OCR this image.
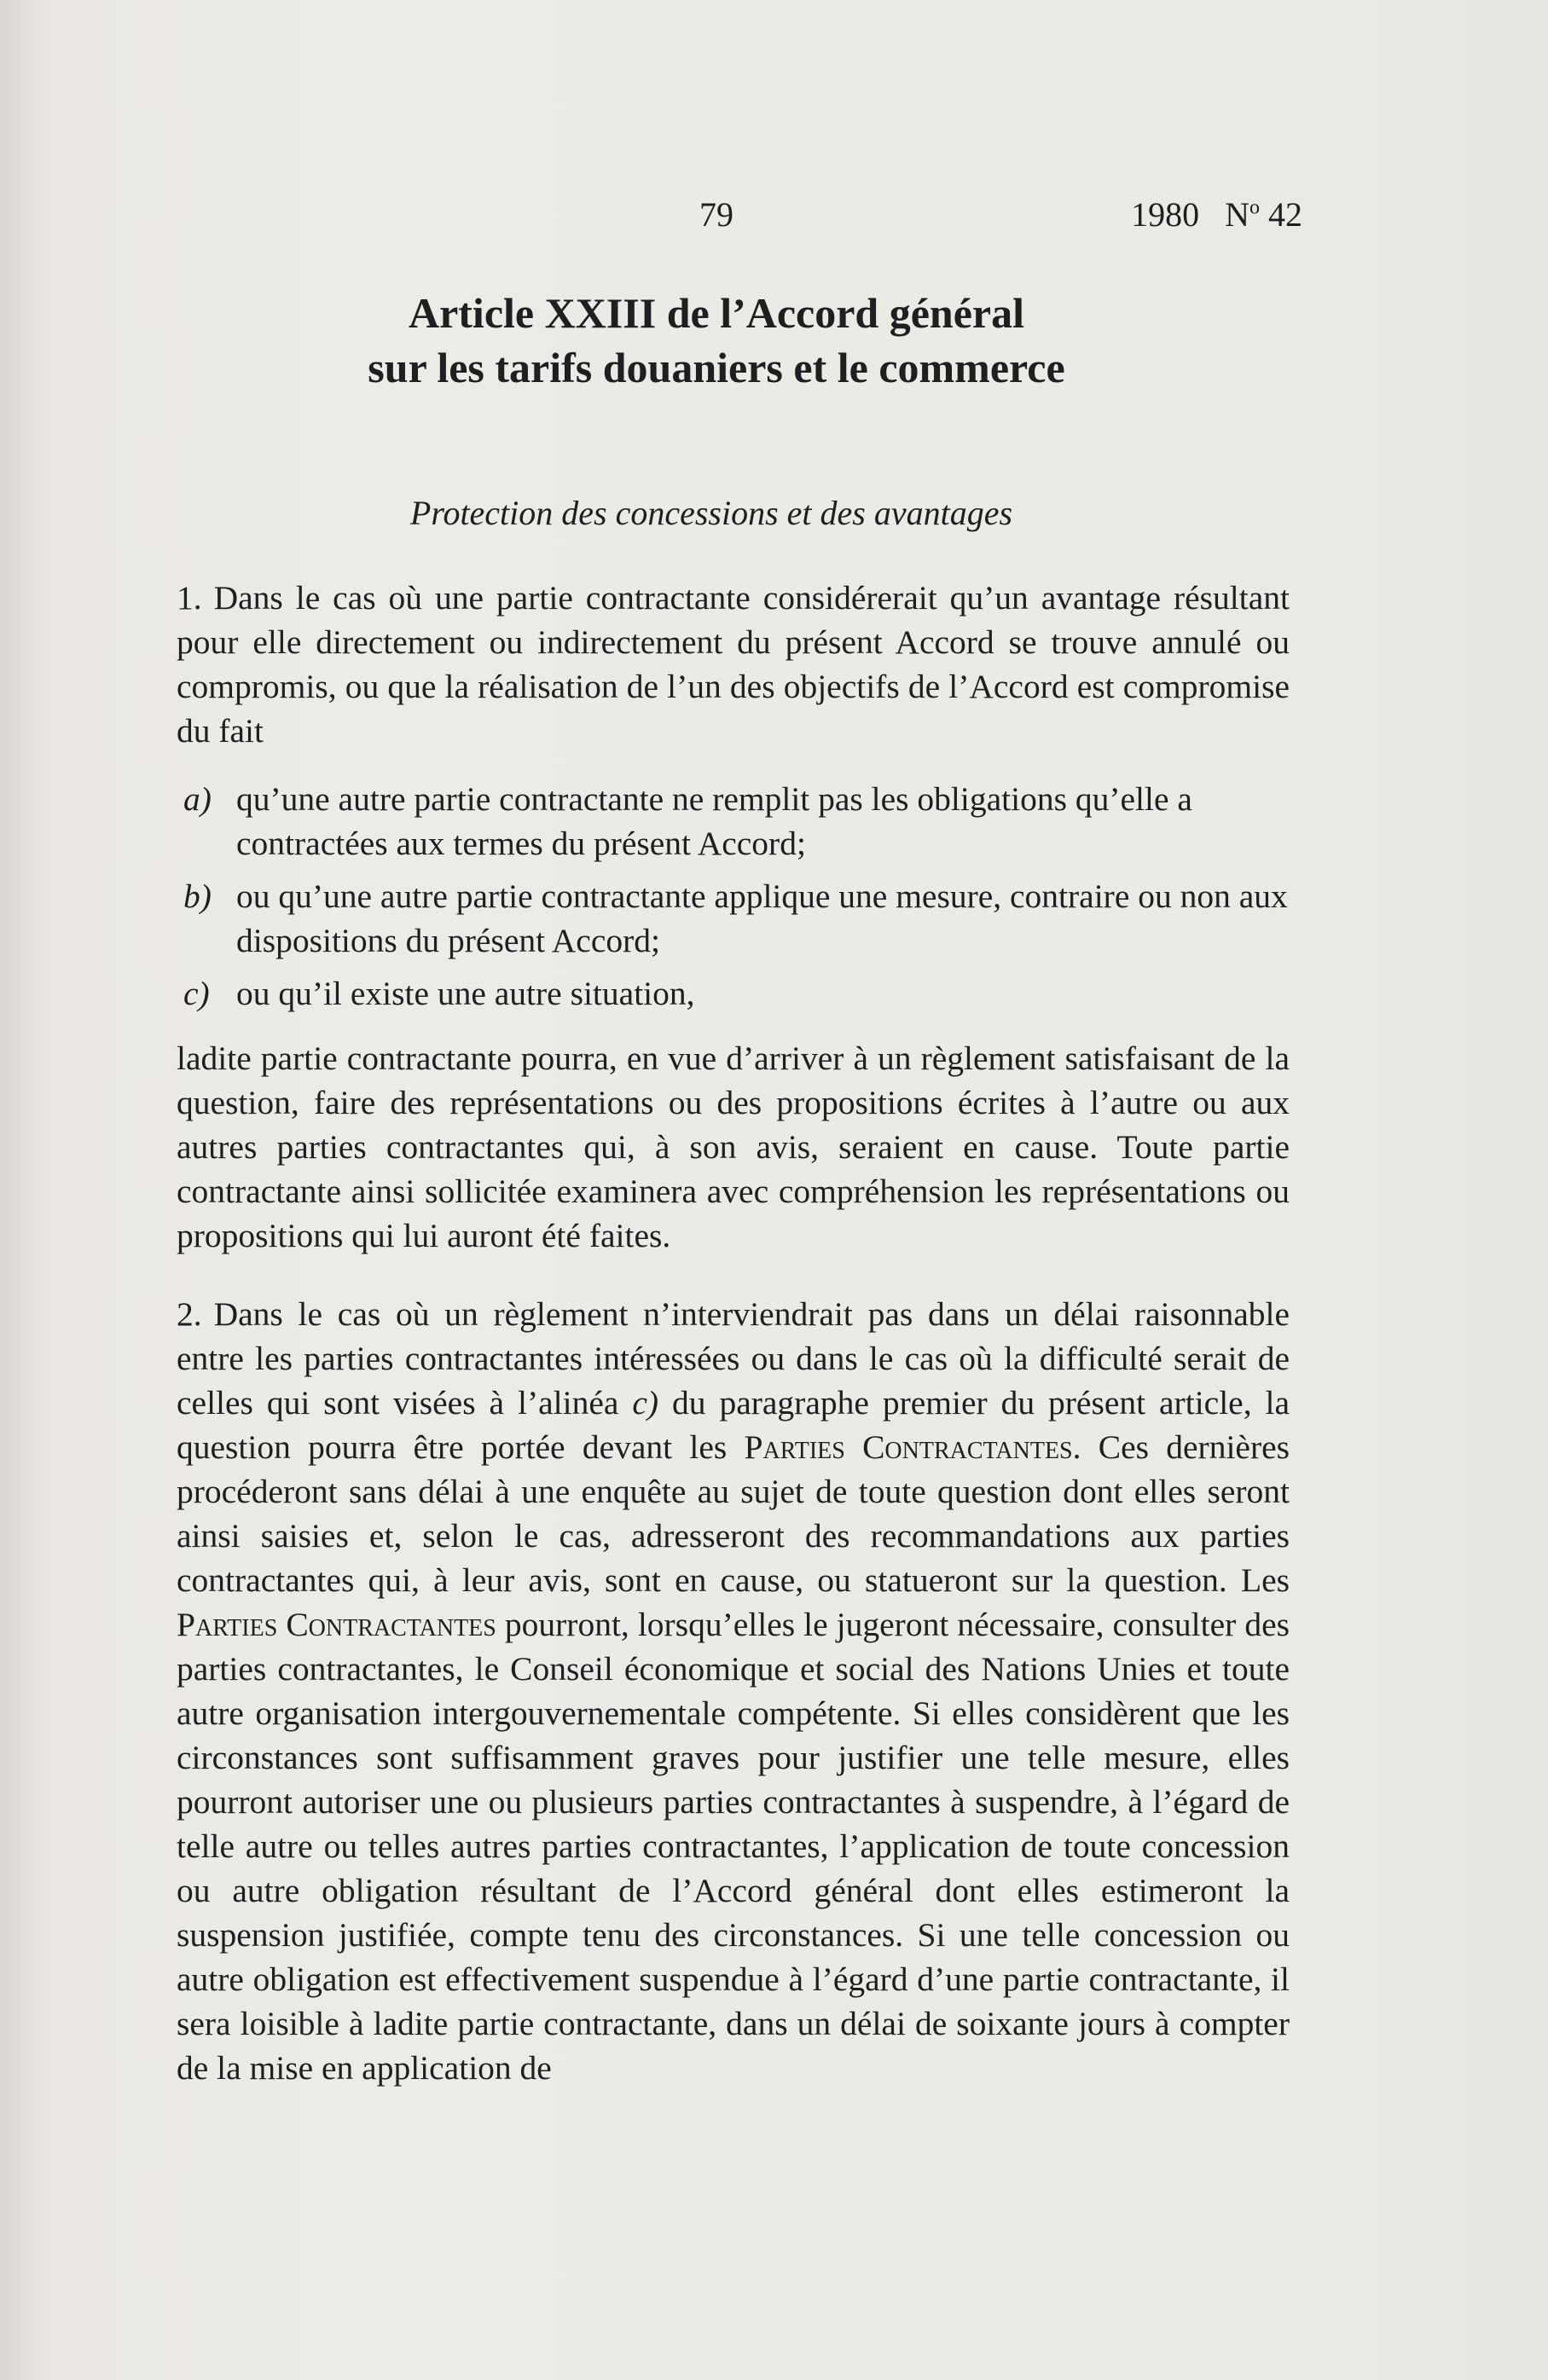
79	1980 $N^o$ 42
Article XXIII de l’Accord général
sur les tarifs douaniers et le commerce
Protection des concessions et des avantages

1. Dans le cas où une partie contractante considérerait qu’un avantage résultant pour elle directement ou indirectement du présent Accord se trouve annulé ou compromis, ou que la réalisation de l’un des objectifs de l’Accord est compromise du fait

a) qu’une autre partie contractante ne remplit pas les obligations qu’elle a contractées aux termes du présent Accord;
b) ou qu’une autre partie contractante applique une mesure, contraire ou non aux dispositions du présent Accord;
c) ou qu’il existe une autre situation,

ladite partie contractante pourra, en vue d’arriver à un règlement satisfaisant de la question, faire des représentations ou des propositions écrites à l’autre ou aux autres parties contractantes qui, à son avis, seraient en cause. Toute partie contractante ainsi sollicitée examinera avec compréhension les représentations ou propositions qui lui auront été faites.

2. Dans le cas où un règlement n’interviendrait pas dans un délai raisonnable entre les parties contractantes intéressées ou dans le cas où la difficulté serait de celles qui sont visées à l’alinéa c) du paragraphe premier du présent article, la question pourra être portée devant les Parties Contractantes. Ces dernières procéderont sans délai à une enquête au sujet de toute question dont elles seront ainsi saisies et, selon le cas, adresseront des recommandations aux parties contractantes qui, à leur avis, sont en cause, ou statueront sur la question. Les Parties Contractantes pourront, lorsqu’elles le jugeront nécessaire, consulter des parties contractantes, le Conseil économique et social des Nations Unies et toute autre organisation intergouvernementale compétente. Si elles considèrent que les circonstances sont suffisamment graves pour justifier une telle mesure, elles pourront autoriser une ou plusieurs parties contractantes à suspendre, à l’égard de telle autre ou telles autres parties contractantes, l’application de toute concession ou autre obligation résultant de l’Accord général dont elles estimeront la suspension justifiée, compte tenu des circonstances. Si une telle concession ou autre obligation est effectivement suspendue à l’égard d’une partie contractante, il sera loisible à ladite partie contractante, dans un délai de soixante jours à compter de la mise en application de
